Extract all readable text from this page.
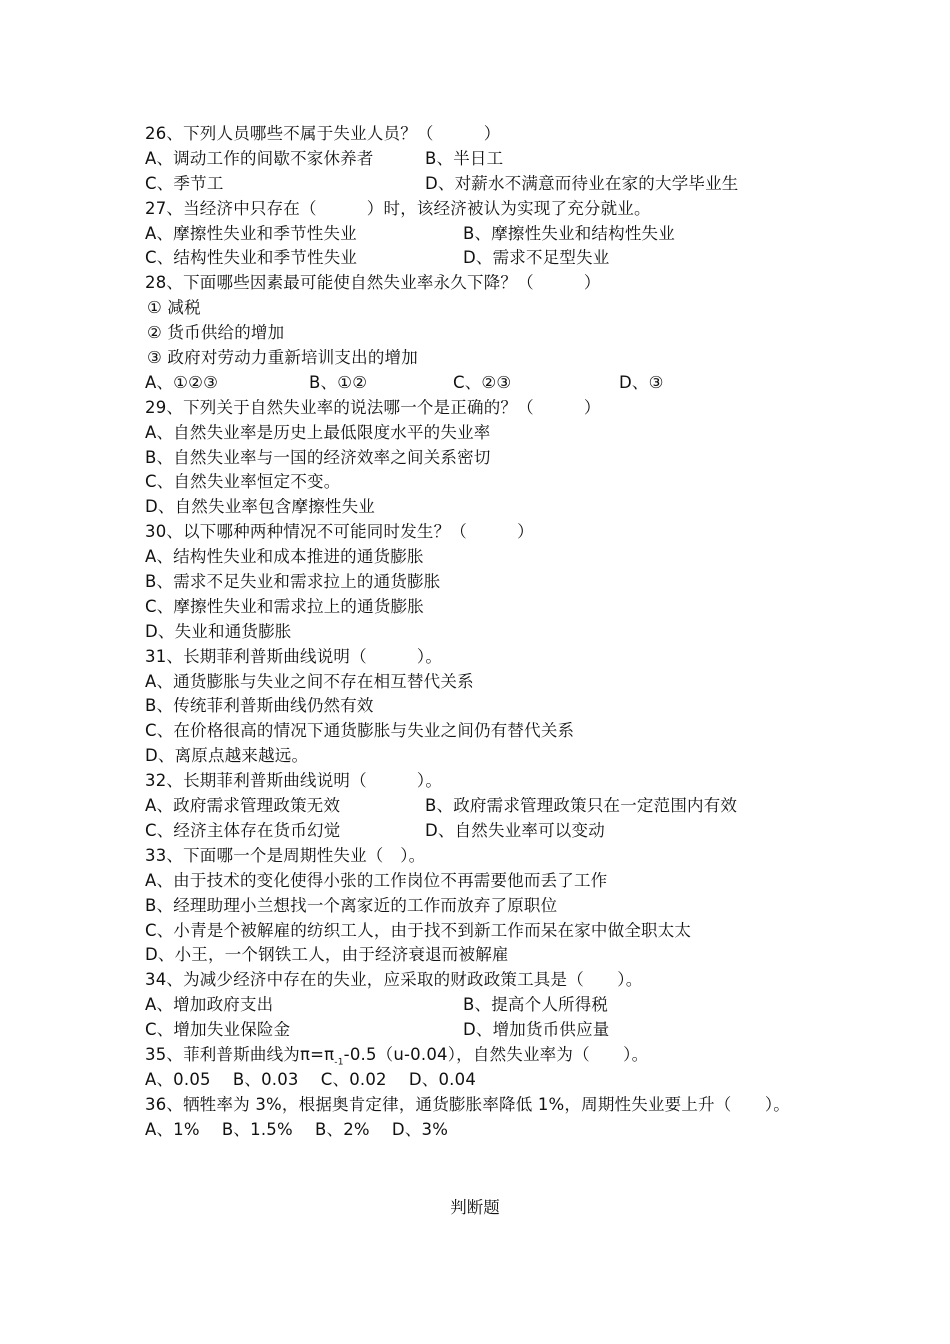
26、下列人员哪些不属于失业人员？（　　　）
A、调动工作的间歇不家休养者	B、半日工
C、季节工	D、对薪水不满意而待业在家的大学毕业生
27、当经济中只存在（　　　）时，该经济被认为实现了充分就业。
A、摩擦性失业和季节性失业	B、摩擦性失业和结构性失业
C、结构性失业和季节性失业	D、需求不足型失业
28、下面哪些因素最可能使自然失业率永久下降？（　　　）
① 减税
② 货币供给的增加
③ 政府对劳动力重新培训支出的增加
A、①②③	B、①②	C、②③	D、③
29、下列关于自然失业率的说法哪一个是正确的？（　　　）
A、自然失业率是历史上最低限度水平的失业率
B、自然失业率与一国的经济效率之间关系密切
C、自然失业率恒定不变。
D、自然失业率包含摩擦性失业
30、以下哪种两种情况不可能同时发生？（　　　）
A、结构性失业和成本推进的通货膨胀
B、需求不足失业和需求拉上的通货膨胀
C、摩擦性失业和需求拉上的通货膨胀
D、失业和通货膨胀
31、长期菲利普斯曲线说明（　　　）。
A、通货膨胀与失业之间不存在相互替代关系
B、传统菲利普斯曲线仍然有效
C、在价格很高的情况下通货膨胀与失业之间仍有替代关系
D、离原点越来越远。
32、长期菲利普斯曲线说明（　　　）。
A、政府需求管理政策无效	B、政府需求管理政策只在一定范围内有效
C、经济主体存在货币幻觉	D、自然失业率可以变动
33、下面哪一个是周期性失业（　）。
A、由于技术的变化使得小张的工作岗位不再需要他而丢了工作
B、经理助理小兰想找一个离家近的工作而放弃了原职位
C、小青是个被解雇的纺织工人，由于找不到新工作而呆在家中做全职太太
D、小王，一个钢铁工人，由于经济衰退而被解雇
34、为减少经济中存在的失业，应采取的财政政策工具是（　　）。
A、增加政府支出	B、提高个人所得税
C、增加失业保险金	D、增加货币供应量
35、菲利普斯曲线为$\pi=\pi_{-1}-0.5(u-0.04)$，自然失业率为（　　）。
A、0.05　 B、0.03　 C、0.02　 D、0.04
36、牺牲率为 3%，根据奥肯定律，通货膨胀率降低 1%，周期性失业要上升（　　）。
A、1%　 B、1.5%　 B、2%　 D、3%
判断题
